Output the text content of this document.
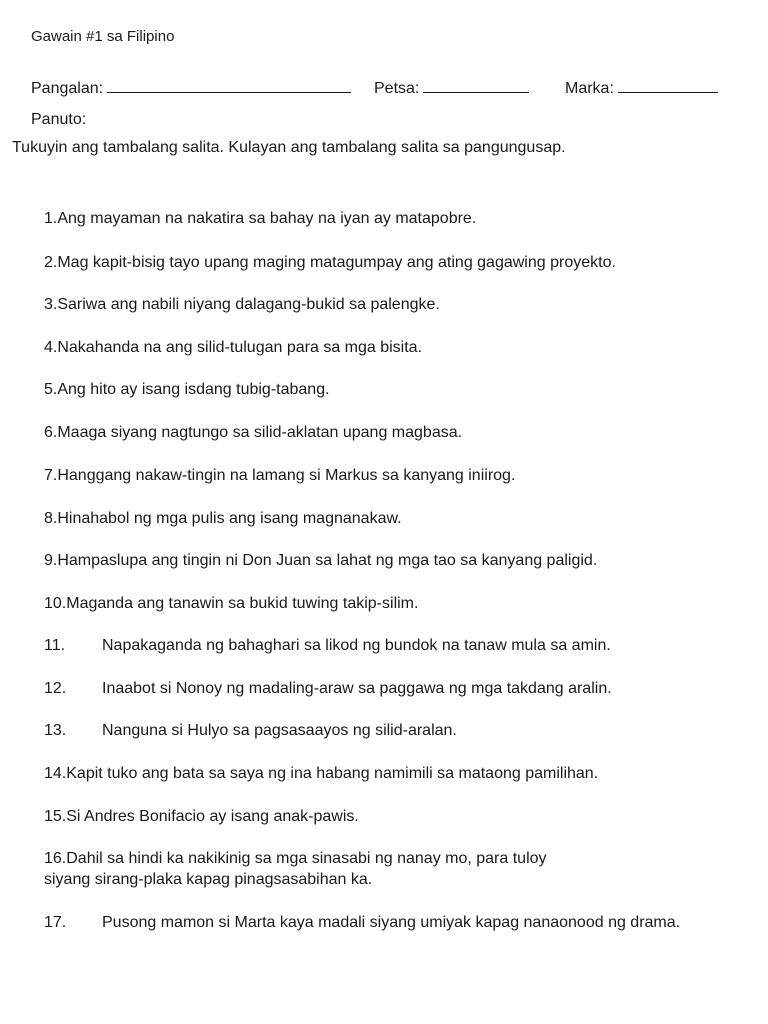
Gawain #1 sa Filipino
Pangalan:	Petsa:	Marka:
Panuto:
Tukuyin ang tambalang salita. Kulayan ang tambalang salita sa pangungusap.
1.Ang mayaman na nakatira sa bahay na iyan ay matapobre.
2.Mag kapit-bisig tayo upang maging matagumpay ang ating gagawing proyekto.
3.Sariwa ang nabili niyang dalagang-bukid sa palengke.
4.Nakahanda na ang silid-tulugan para sa mga bisita.
5.Ang hito ay isang isdang tubig-tabang.
6.Maaga siyang nagtungo sa silid-aklatan upang magbasa.
7.Hanggang nakaw-tingin na lamang si Markus sa kanyang iniirog.
8.Hinahabol ng mga pulis ang isang magnanakaw.
9.Hampaslupa ang tingin ni Don Juan sa lahat ng mga tao sa kanyang paligid.
10.Maganda ang tanawin sa bukid tuwing takip-silim.
11. Napakaganda ng bahaghari sa likod ng bundok na tanaw mula sa amin.
12. Inaabot si Nonoy ng madaling-araw sa paggawa ng mga takdang aralin.
13. Nanguna si Hulyo sa pagsasaayos ng silid-aralan.
14.Kapit tuko ang bata sa saya ng ina habang namimili sa mataong pamilihan.
15.Si Andres Bonifacio ay isang anak-pawis.
16.Dahil sa hindi ka nakikinig sa mga sinasabi ng nanay mo, para tuloy
siyang sirang-plaka kapag pinagsasabihan ka.
17. Pusong mamon si Marta kaya madali siyang umiyak kapag nanaonood ng drama.
